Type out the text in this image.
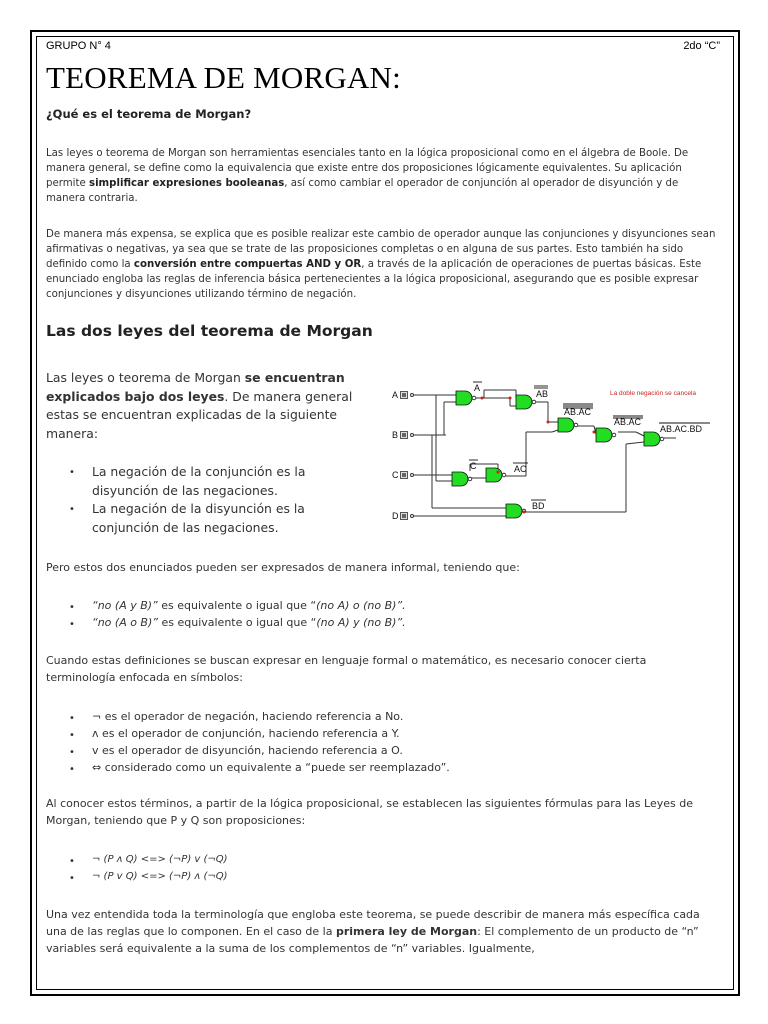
GRUPO N° 4	2do “C”
TEOREMA DE MORGAN:
¿Qué es el teorema de Morgan?

Las leyes o teorema de Morgan son herramientas esenciales tanto en la lógica proposicional como en el álgebra de Boole. De manera general, se define como la equivalencia que existe entre dos proposiciones lógicamente equivalentes. Su aplicación permite simplificar expresiones booleanas, así como cambiar el operador de conjunción al operador de disyunción y de manera contraria.

De manera más expensa, se explica que es posible realizar este cambio de operador aunque las conjunciones y disyunciones sean afirmativas o negativas, ya sea que se trate de las proposiciones completas o en alguna de sus partes. Esto también ha sido definido como la conversión entre compuertas AND y OR, a través de la aplicación de operaciones de puertas básicas. Este enunciado engloba las reglas de inferencia básica pertenecientes a la lógica proposicional, asegurando que es posible expresar conjunciones y disyunciones utilizando término de negación.

Las dos leyes del teorema de Morgan

Las leyes o teorema de Morgan se encuentran explicados bajo dos leyes. De manera general estas se encuentran explicadas de la siguiente manera:

• La negación de la conjunción es la disyunción de las negaciones.

• La negación de la disyunción es la conjunción de las negaciones.

A
B
C
D
A
AB
AB.AC
AB.AC
AB.AC.BD
C	AC
BD
La doble negación se cancela

Pero estos dos enunciados pueden ser expresados de manera informal, teniendo que:

• “no (A y B)” es equivalente o igual que “(no A) o (no B)”.

• “no (A o B)” es equivalente o igual que “(no A) y (no B)”.

Cuando estas definiciones se buscan expresar en lenguaje formal o matemático, es necesario conocer cierta terminología enfocada en símbolos:

• ¬ es el operador de negación, haciendo referencia a No.

• ʌ es el operador de conjunción, haciendo referencia a Y.

• ᴠ es el operador de disyunción, haciendo referencia a O.

• ⇔ considerado como un equivalente a “puede ser reemplazado”.

Al conocer estos términos, a partir de la lógica proposicional, se establecen las siguientes fórmulas para las Leyes de Morgan, teniendo que P y Q son proposiciones:

• ¬ (P ʌ Q) <=> (¬P) ᴠ (¬Q)

• ¬ (P ᴠ Q) <=> (¬P) ʌ (¬Q)

Una vez entendida toda la terminología que engloba este teorema, se puede describir de manera más específica cada una de las reglas que lo componen. En el caso de la primera ley de Morgan: El complemento de un producto de “n” variables será equivalente a la suma de los complementos de “n” variables. Igualmente,
